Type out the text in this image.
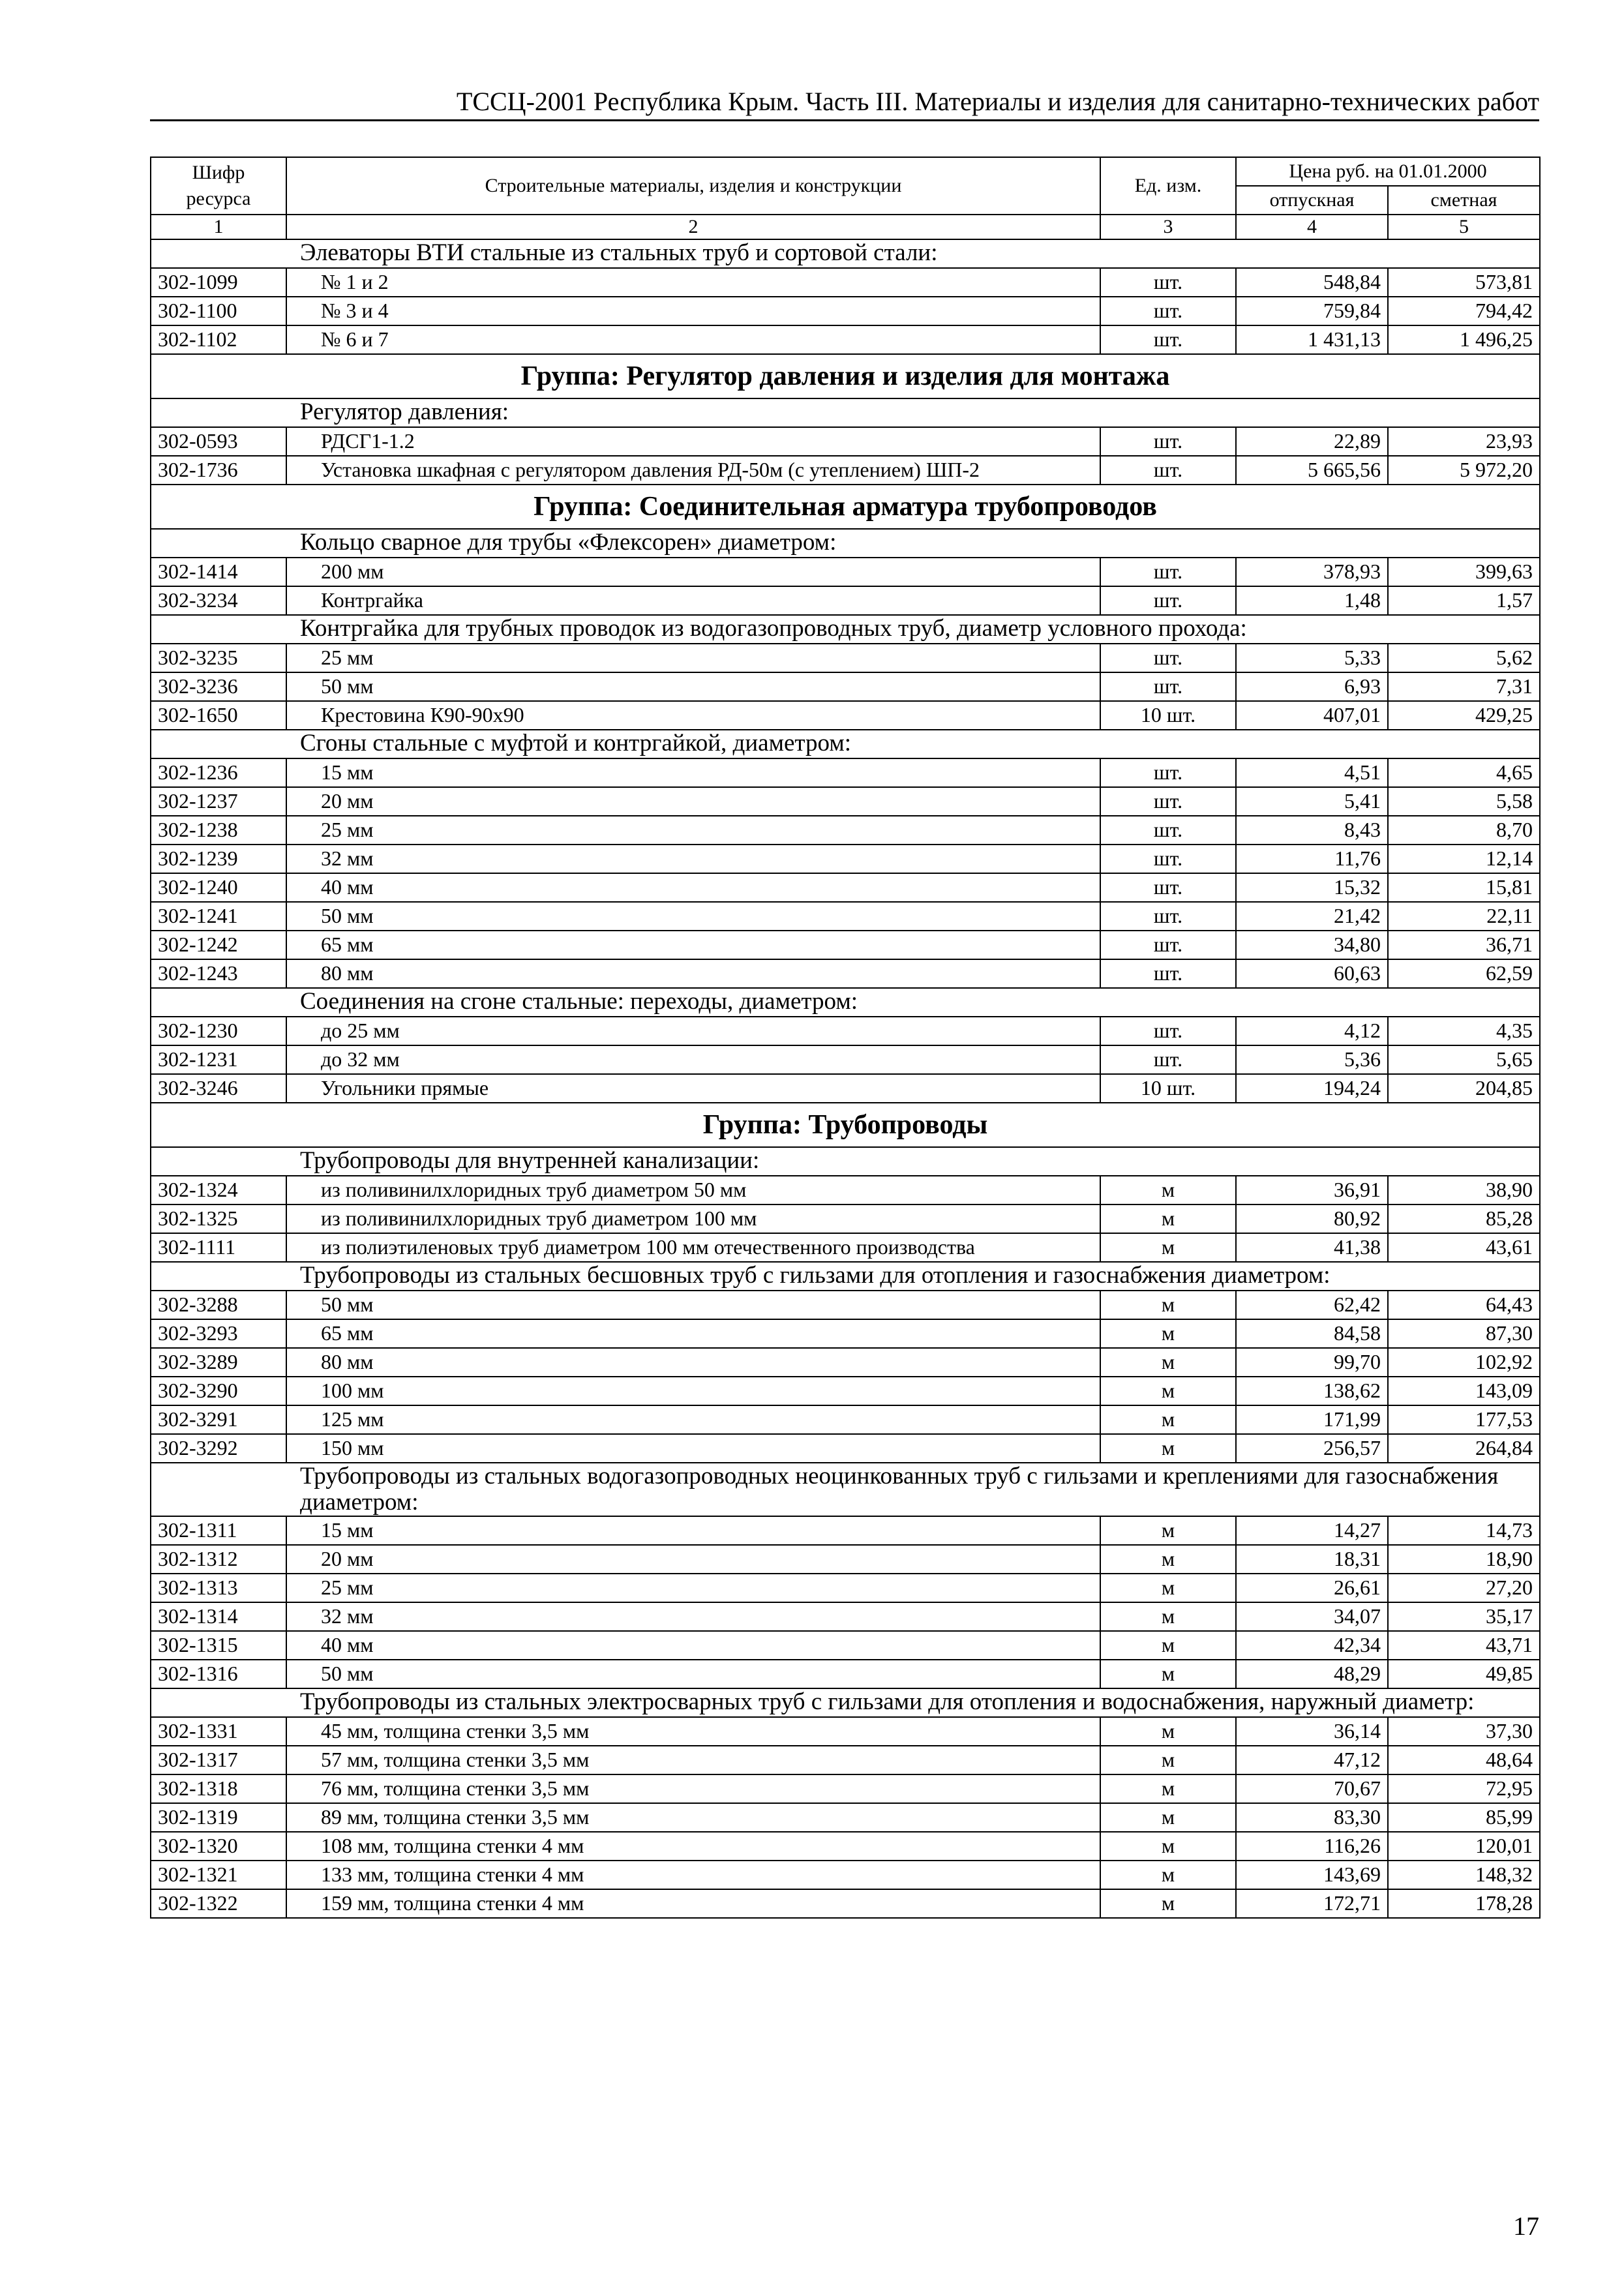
ТССЦ-2001 Республика Крым. Часть III. Материалы и изделия для санитарно-технических работ
Шифр ресурса	Строительные материалы, изделия и конструкции	Ед. изм.	Цена руб. на 01.01.2000	
			отпускная	сметная
1	2	3	4	5
Элеваторы ВТИ стальные из стальных труб и сортовой стали:				
302-1099	№ 1 и 2	шт.	548,84	573,81
302-1100	№ 3 и 4	шт.	759,84	794,42
302-1102	№ 6 и 7	шт.	1 431,13	1 496,25
Группа: Регулятор давления и изделия для монтажа				
Регулятор давления:				
302-0593	РДСГ1-1.2	шт.	22,89	23,93
302-1736	Установка шкафная с регулятором давления РД-50м (с утеплением) ШП-2	шт.	5 665,56	5 972,20
Группа: Соединительная арматура трубопроводов				
Кольцо сварное для трубы «Флексорен» диаметром:				
302-1414	200 мм	шт.	378,93	399,63
302-3234	Контргайка	шт.	1,48	1,57
Контргайка для трубных проводок из водогазопроводных труб, диаметр условного прохода:				
302-3235	25 мм	шт.	5,33	5,62
302-3236	50 мм	шт.	6,93	7,31
302-1650	Крестовина К90-90х90	10 шт.	407,01	429,25
Сгоны стальные с муфтой и контргайкой, диаметром:				
302-1236	15 мм	шт.	4,51	4,65
302-1237	20 мм	шт.	5,41	5,58
302-1238	25 мм	шт.	8,43	8,70
302-1239	32 мм	шт.	11,76	12,14
302-1240	40 мм	шт.	15,32	15,81
302-1241	50 мм	шт.	21,42	22,11
302-1242	65 мм	шт.	34,80	36,71
302-1243	80 мм	шт.	60,63	62,59
Соединения на сгоне стальные: переходы, диаметром:				
302-1230	до 25 мм	шт.	4,12	4,35
302-1231	до 32 мм	шт.	5,36	5,65
302-3246	Угольники прямые	10 шт.	194,24	204,85
Группа: Трубопроводы				
Трубопроводы для внутренней канализации:				
302-1324	из поливинилхлоридных труб диаметром 50 мм	м	36,91	38,90
302-1325	из поливинилхлоридных труб диаметром 100 мм	м	80,92	85,28
302-1111	из полиэтиленовых труб диаметром 100 мм отечественного производства	м	41,38	43,61
Трубопроводы из стальных бесшовных труб с гильзами для отопления и газоснабжения диаметром:				
302-3288	50 мм	м	62,42	64,43
302-3293	65 мм	м	84,58	87,30
302-3289	80 мм	м	99,70	102,92
302-3290	100 мм	м	138,62	143,09
302-3291	125 мм	м	171,99	177,53
302-3292	150 мм	м	256,57	264,84
Трубопроводы из стальных водогазопроводных неоцинкованных труб с гильзами и креплениями для газоснабжения диаметром:				
302-1311	15 мм	м	14,27	14,73
302-1312	20 мм	м	18,31	18,90
302-1313	25 мм	м	26,61	27,20
302-1314	32 мм	м	34,07	35,17
302-1315	40 мм	м	42,34	43,71
302-1316	50 мм	м	48,29	49,85
Трубопроводы из стальных электросварных труб с гильзами для отопления и водоснабжения, наружный диаметр:				
302-1331	45 мм, толщина стенки 3,5 мм	м	36,14	37,30
302-1317	57 мм, толщина стенки 3,5 мм	м	47,12	48,64
302-1318	76 мм, толщина стенки 3,5 мм	м	70,67	72,95
302-1319	89 мм, толщина стенки 3,5 мм	м	83,30	85,99
302-1320	108 мм, толщина стенки 4 мм	м	116,26	120,01
302-1321	133 мм, толщина стенки 4 мм	м	143,69	148,32
302-1322	159 мм, толщина стенки 4 мм	м	172,71	178,28
17
